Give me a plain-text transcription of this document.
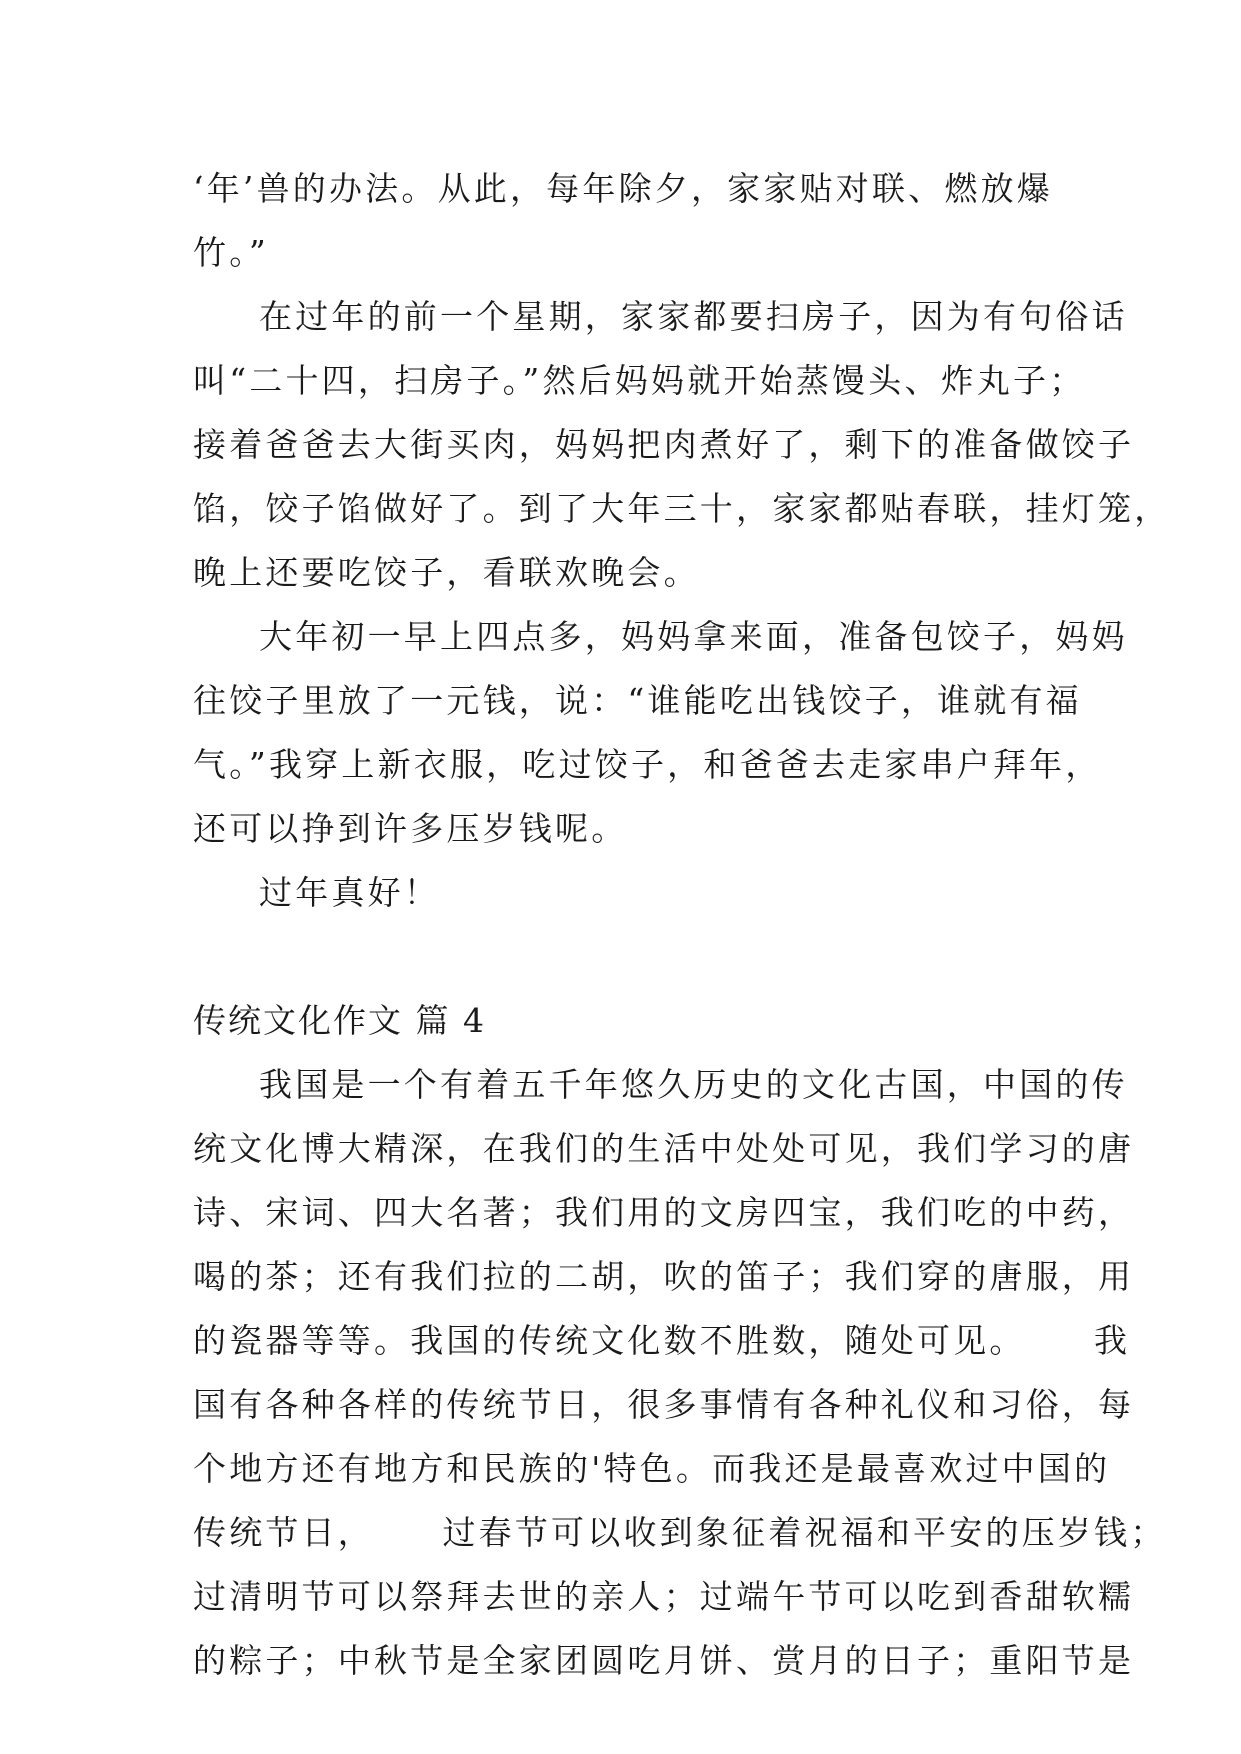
‘年’兽的办法。从此，每年除夕，家家贴对联、燃放爆
竹。”
在过年的前一个星期，家家都要扫房子，因为有句俗话
叫“二十四，扫房子。”然后妈妈就开始蒸馒头、炸丸子；
接着爸爸去大街买肉，妈妈把肉煮好了，剩下的准备做饺子
馅，饺子馅做好了。到了大年三十，家家都贴春联，挂灯笼，
晚上还要吃饺子，看联欢晚会。
大年初一早上四点多，妈妈拿来面，准备包饺子，妈妈
往饺子里放了一元钱，说：“谁能吃出钱饺子，谁就有福
气。”我穿上新衣服，吃过饺子，和爸爸去走家串户拜年，
还可以挣到许多压岁钱呢。
过年真好！
传统文化作文 篇 4
我国是一个有着五千年悠久历史的文化古国，中国的传
统文化博大精深，在我们的生活中处处可见，我们学习的唐
诗、宋词、四大名著；我们用的文房四宝，我们吃的中药，
喝的茶；还有我们拉的二胡，吹的笛子；我们穿的唐服，用
的瓷器等等。我国的传统文化数不胜数，随处可见。     我
国有各种各样的传统节日，很多事情有各种礼仪和习俗，每
个地方还有地方和民族的'特色。而我还是最喜欢过中国的
传统节日，     过春节可以收到象征着祝福和平安的压岁钱；
过清明节可以祭拜去世的亲人；过端午节可以吃到香甜软糯
的粽子；中秋节是全家团圆吃月饼、赏月的日子；重阳节是
